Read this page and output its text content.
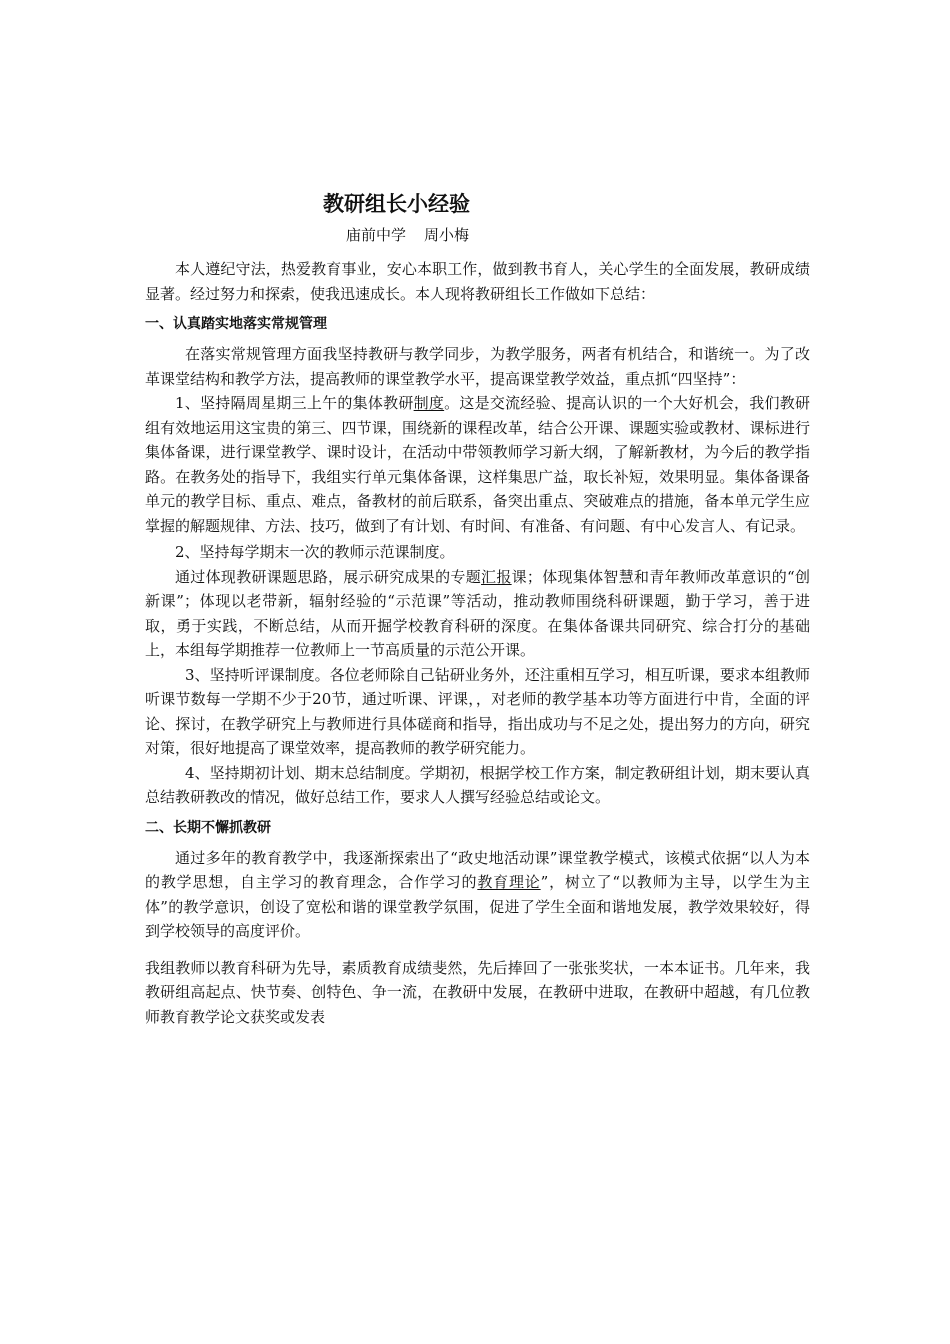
教研组长小经验
庙前中学 周小梅

本人遵纪守法，热爱教育事业，安心本职工作，做到教书育人，关心学生的全面发展，教研成绩显著。经过努力和探索，使我迅速成长。本人现将教研组长工作做如下总结：

一、认真踏实地落实常规管理

在落实常规管理方面我坚持教研与教学同步，为教学服务，两者有机结合，和谐统一。为了改革课堂结构和教学方法，提高教师的课堂教学水平，提高课堂教学效益，重点抓“四坚持”：

1、坚持隔周星期三上午的集体教研制度。这是交流经验、提高认识的一个大好机会，我们教研组有效地运用这宝贵的第三、四节课，围绕新的课程改革，结合公开课、课题实验或教材、课标进行集体备课，进行课堂教学、课时设计，在活动中带领教师学习新大纲，了解新教材，为今后的教学指路。在教务处的指导下，我组实行单元集体备课，这样集思广益，取长补短，效果明显。集体备课备单元的教学目标、重点、难点，备教材的前后联系，备突出重点、突破难点的措施，备本单元学生应掌握的解题规律、方法、技巧，做到了有计划、有时间、有准备、有问题、有中心发言人、有记录。

2、坚持每学期末一次的教师示范课制度。

通过体现教研课题思路，展示研究成果的专题汇报课；体现集体智慧和青年教师改革意识的“创新课”；体现以老带新，辐射经验的“示范课”等活动，推动教师围绕科研课题，勤于学习，善于进取，勇于实践，不断总结，从而开掘学校教育科研的深度。在集体备课共同研究、综合打分的基础上，本组每学期推荐一位教师上一节高质量的示范公开课。

3、坚持听评课制度。各位老师除自己钻研业务外，还注重相互学习，相互听课，要求本组教师听课节数每一学期不少于20节，通过听课、评课，，对老师的教学基本功等方面进行中肯，全面的评论、探讨，在教学研究上与教师进行具体磋商和指导，指出成功与不足之处，提出努力的方向，研究对策，很好地提高了课堂效率，提高教师的教学研究能力。

4、坚持期初计划、期末总结制度。学期初，根据学校工作方案，制定教研组计划，期末要认真总结教研教改的情况，做好总结工作，要求人人撰写经验总结或论文。

二、长期不懈抓教研

通过多年的教育教学中，我逐渐探索出了“政史地活动课”课堂教学模式，该模式依据“以人为本的教学思想，自主学习的教育理念，合作学习的教育理论”，树立了“以教师为主导，以学生为主体”的教学意识，创设了宽松和谐的课堂教学氛围，促进了学生全面和谐地发展，教学效果较好，得到学校领导的高度评价。

我组教师以教育科研为先导，素质教育成绩斐然，先后捧回了一张张奖状，一本本证书。几年来，我教研组高起点、快节奏、创特色、争一流，在教研中发展，在教研中进取，在教研中超越，有几位教师教育教学论文获奖或发表
